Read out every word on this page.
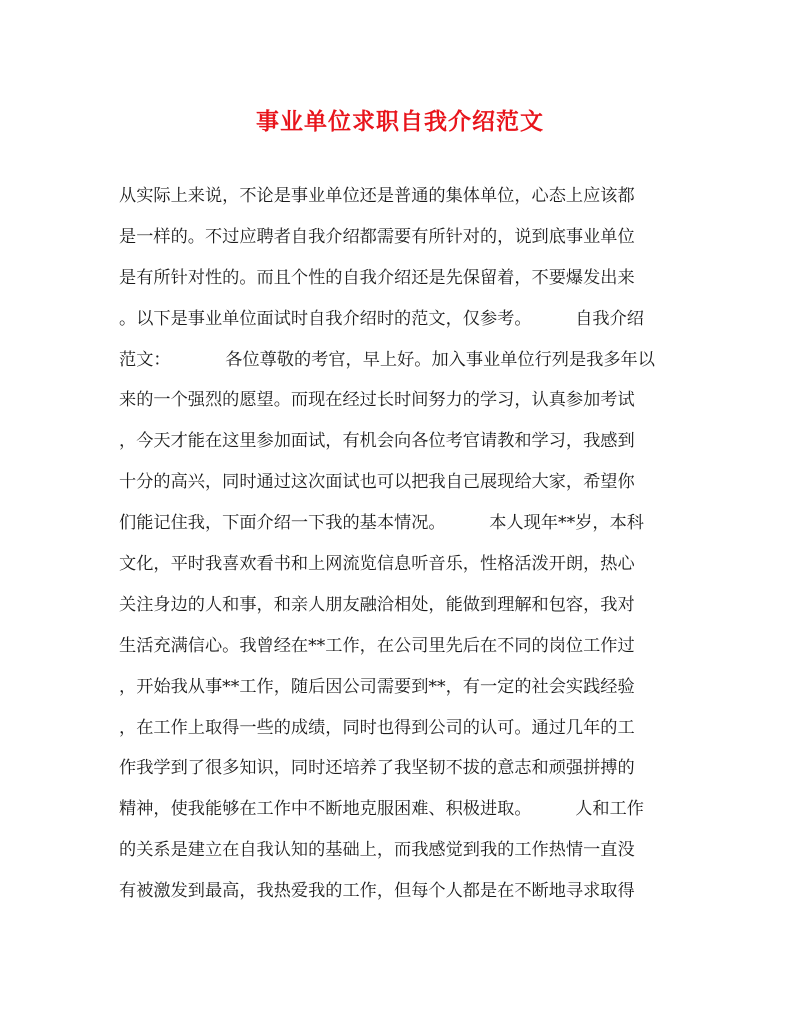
事业单位求职自我介绍范文
从实际上来说，不论是事业单位还是普通的集体单位，心态上应该都
是一样的。不过应聘者自我介绍都需要有所针对的，说到底事业单位
是有所针对性的。而且个性的自我介绍还是先保留着，不要爆发出来
。以下是事业单位面试时自我介绍时的范文，仅参考。        自我介绍
范文：          各位尊敬的考官，早上好。加入事业单位行列是我多年以
来的一个强烈的愿望。而现在经过长时间努力的学习，认真参加考试
，今天才能在这里参加面试，有机会向各位考官请教和学习，我感到
十分的高兴，同时通过这次面试也可以把我自己展现给大家，希望你
们能记住我，下面介绍一下我的基本情况。        本人现年**岁，本科
文化，平时我喜欢看书和上网流览信息听音乐，性格活泼开朗，热心
关注身边的人和事，和亲人朋友融洽相处，能做到理解和包容，我对
生活充满信心。我曾经在**工作，在公司里先后在不同的岗位工作过
，开始我从事**工作，随后因公司需要到**，有一定的社会实践经验
，在工作上取得一些的成绩，同时也得到公司的认可。通过几年的工
作我学到了很多知识，同时还培养了我坚韧不拔的意志和顽强拼搏的
精神，使我能够在工作中不断地克服困难、积极进取。        人和工作
的关系是建立在自我认知的基础上，而我感觉到我的工作热情一直没
有被激发到最高，我热爱我的工作，但每个人都是在不断地寻求取得
